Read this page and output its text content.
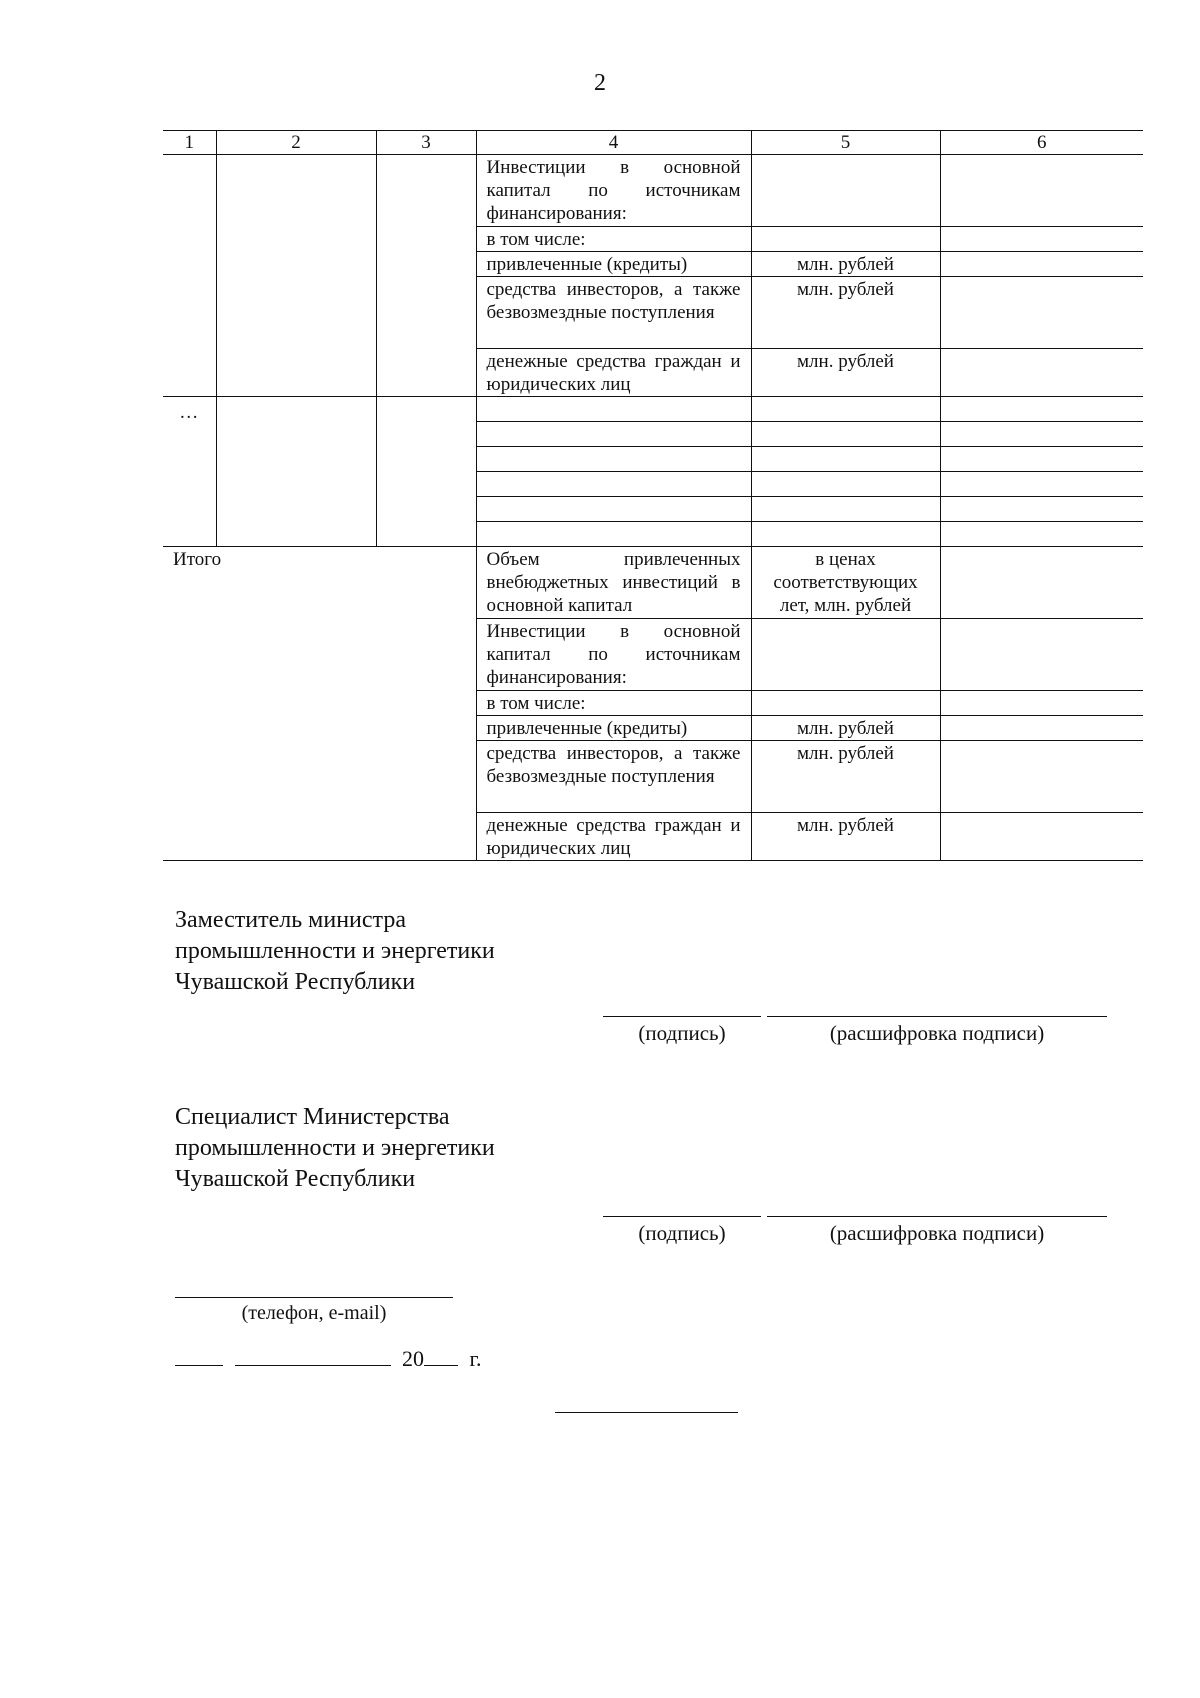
2
1	2	3	4	5	6
			Инвестиции в основной капитал по источникам финансирования:		
			в том числе:		
			привлеченные (кредиты)	млн. рублей	
			средства инвесторов, а также безвозмездные поступления	млн. рублей	
			денежные средства граждан и юридических лиц	млн. рублей	
…					

Итого			Объем привлеченных внебюджетных инвестиций в основной капитал	в ценах соответствующих лет, млн. рублей	
			Инвестиции в основной капитал по источникам финансирования:		
			в том числе:		
			привлеченные (кредиты)	млн. рублей	
			средства инвесторов, а также безвозмездные поступления	млн. рублей	
			денежные средства граждан и юридических лиц	млн. рублей	
Заместитель министра
промышленности и энергетики
Чувашской Республики
(подпись)	(расшифровка подписи)
Специалист Министерства
промышленности и энергетики
Чувашской Республики
(подпись)	(расшифровка подписи)
(телефон, e-mail)
20 г.
